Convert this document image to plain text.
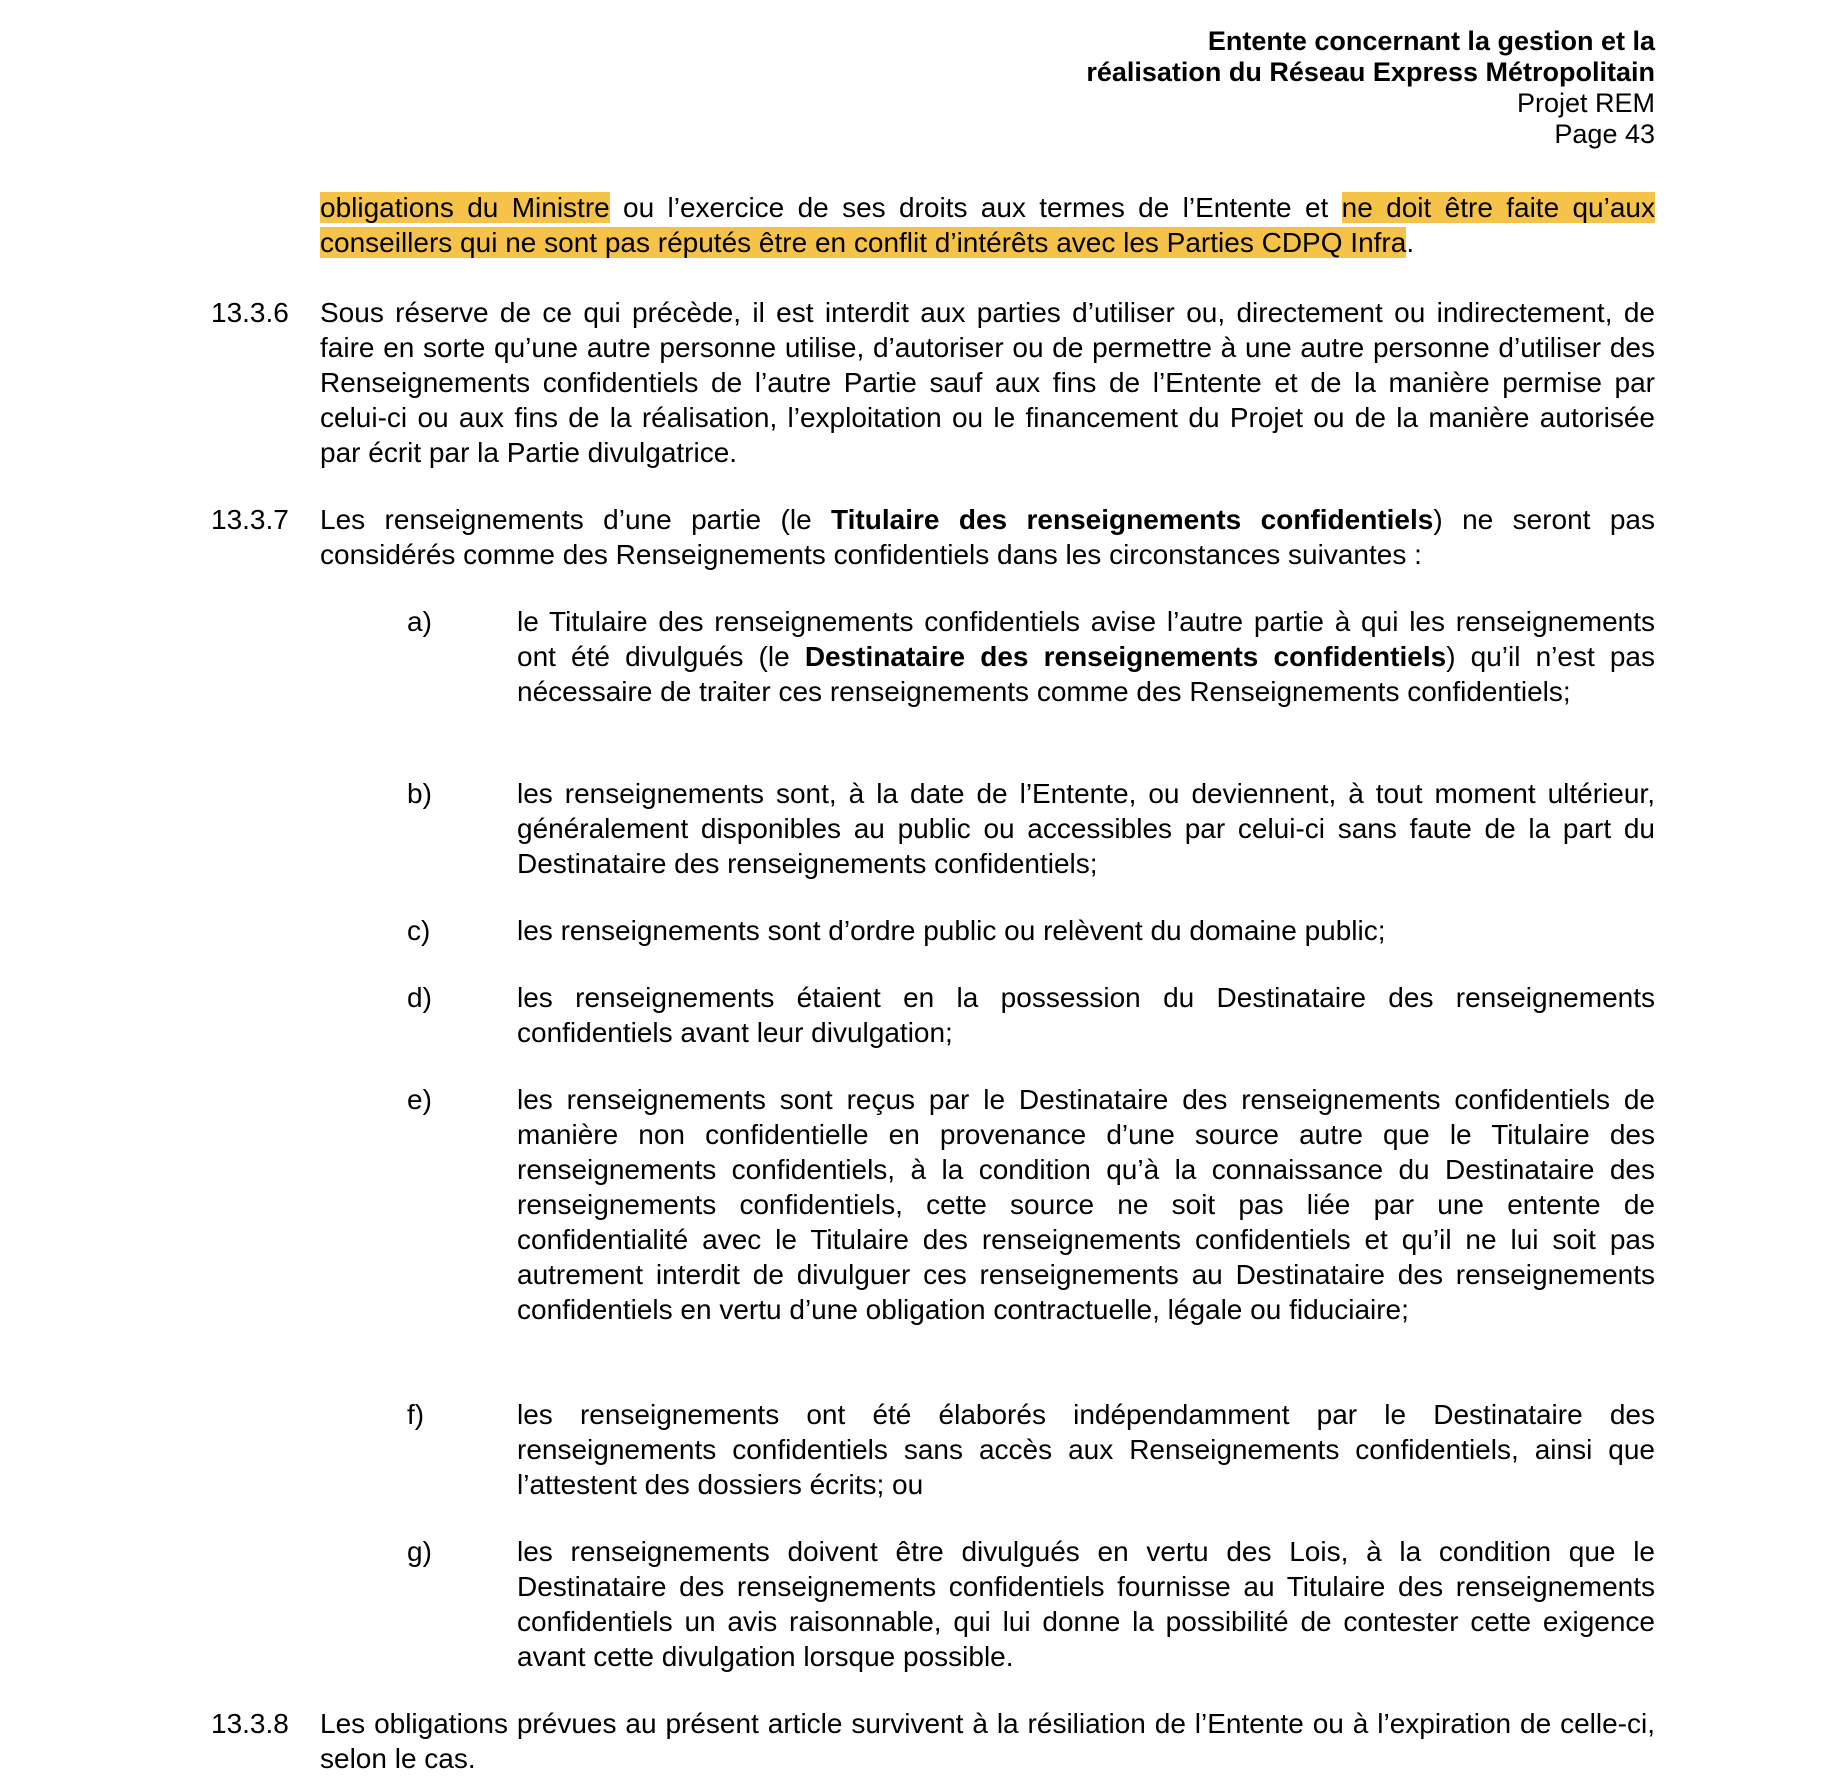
Entente concernant la gestion et la
réalisation du Réseau Express Métropolitain
Projet REM
Page 43
obligations du Ministre ou l’exercice de ses droits aux termes de l’Entente et ne doit être faite qu’aux conseillers qui ne sont pas réputés être en conflit d’intérêts avec les Parties CDPQ Infra.
13.3.6	Sous réserve de ce qui précède, il est interdit aux parties d’utiliser ou, directement ou indirectement, de faire en sorte qu’une autre personne utilise, d’autoriser ou de permettre à une autre personne d’utiliser des Renseignements confidentiels de l’autre Partie sauf aux fins de l’Entente et de la manière permise par celui-ci ou aux fins de la réalisation, l’exploitation ou le financement du Projet ou de la manière autorisée par écrit par la Partie divulgatrice.
13.3.7	Les renseignements d’une partie (le Titulaire des renseignements confidentiels) ne seront pas considérés comme des Renseignements confidentiels dans les circonstances suivantes :
a)	le Titulaire des renseignements confidentiels avise l’autre partie à qui les renseignements ont été divulgués (le Destinataire des renseignements confidentiels) qu’il n’est pas nécessaire de traiter ces renseignements comme des Renseignements confidentiels;
b)	les renseignements sont, à la date de l’Entente, ou deviennent, à tout moment ultérieur, généralement disponibles au public ou accessibles par celui-ci sans faute de la part du Destinataire des renseignements confidentiels;
c)	les renseignements sont d’ordre public ou relèvent du domaine public;
d)	les renseignements étaient en la possession du Destinataire des renseignements confidentiels avant leur divulgation;
e)	les renseignements sont reçus par le Destinataire des renseignements confidentiels de manière non confidentielle en provenance d’une source autre que le Titulaire des renseignements confidentiels, à la condition qu’à la connaissance du Destinataire des renseignements confidentiels, cette source ne soit pas liée par une entente de confidentialité avec le Titulaire des renseignements confidentiels et qu’il ne lui soit pas autrement interdit de divulguer ces renseignements au Destinataire des renseignements confidentiels en vertu d’une obligation contractuelle, légale ou fiduciaire;
f)	les renseignements ont été élaborés indépendamment par le Destinataire des renseignements confidentiels sans accès aux Renseignements confidentiels, ainsi que l’attestent des dossiers écrits; ou
g)	les renseignements doivent être divulgués en vertu des Lois, à la condition que le Destinataire des renseignements confidentiels fournisse au Titulaire des renseignements confidentiels un avis raisonnable, qui lui donne la possibilité de contester cette exigence avant cette divulgation lorsque possible.
13.3.8	Les obligations prévues au présent article survivent à la résiliation de l’Entente ou à l’expiration de celle-ci, selon le cas.
